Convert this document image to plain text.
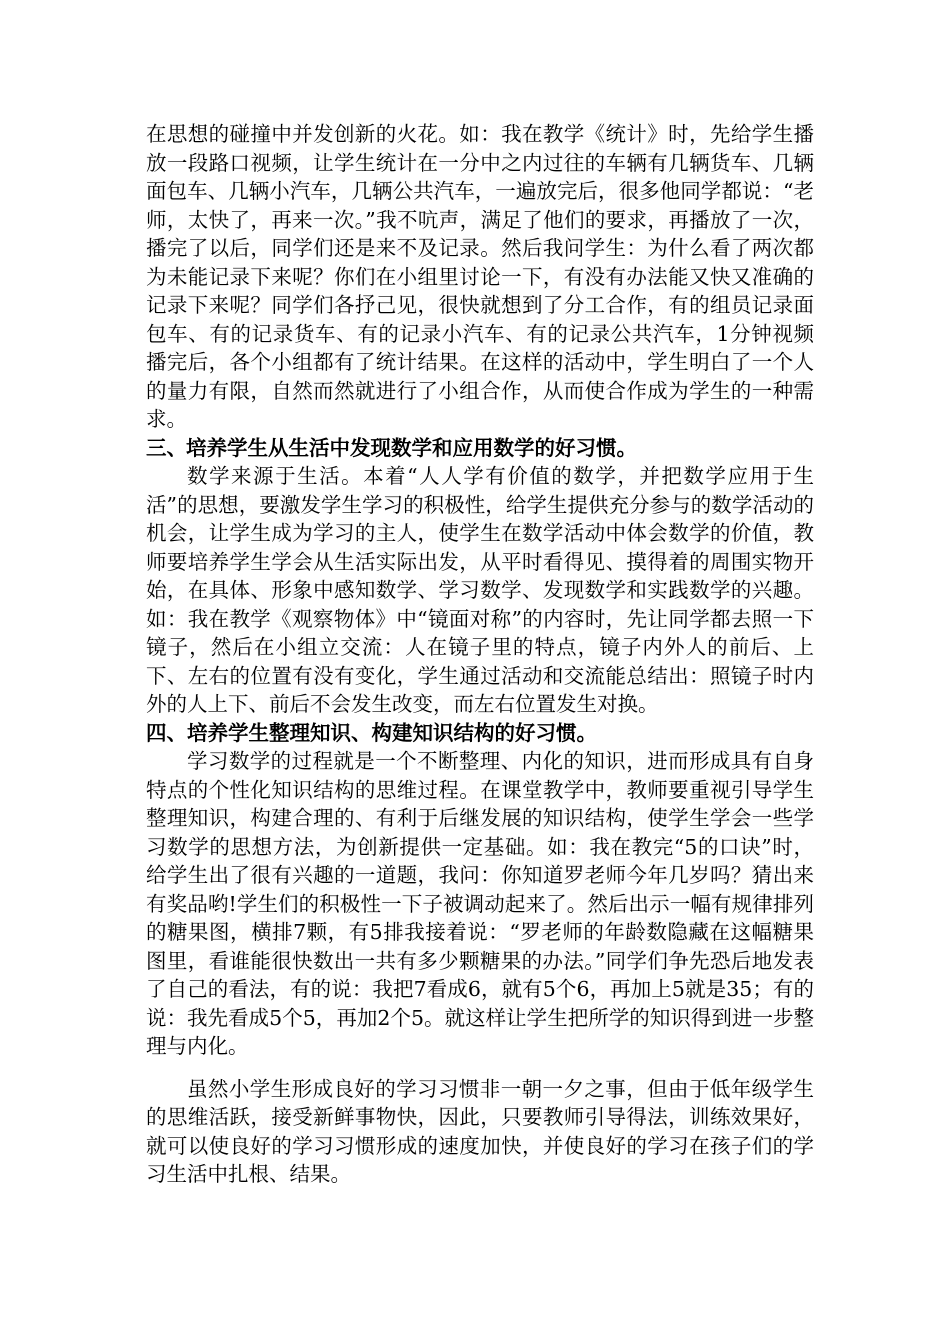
在思想的碰撞中并发创新的火花。如：我在教学《统计》时，先给学生播放一段路口视频，让学生统计在一分中之内过往的车辆有几辆货车、几辆面包车、几辆小汽车，几辆公共汽车，一遍放完后，很多他同学都说：“老师，太快了，再来一次。”我不吭声，满足了他们的要求，再播放了一次，播完了以后，同学们还是来不及记录。然后我问学生：为什么看了两次都为未能记录下来呢？你们在小组里讨论一下，有没有办法能又快又准确的记录下来呢？同学们各抒己见，很快就想到了分工合作，有的组员记录面包车、有的记录货车、有的记录小汽车、有的记录公共汽车，1分钟视频播完后，各个小组都有了统计结果。在这样的活动中，学生明白了一个人的量力有限，自然而然就进行了小组合作，从而使合作成为学生的一种需求。

三、培养学生从生活中发现数学和应用数学的好习惯。

数学来源于生活。本着“人人学有价值的数学，并把数学应用于生活”的思想，要激发学生学习的积极性，给学生提供充分参与的数学活动的机会，让学生成为学习的主人，使学生在数学活动中体会数学的价值，教师要培养学生学会从生活实际出发，从平时看得见、摸得着的周围实物开始，在具体、形象中感知数学、学习数学、发现数学和实践数学的兴趣。如：我在教学《观察物体》中“镜面对称”的内容时，先让同学都去照一下镜子，然后在小组立交流：人在镜子里的特点，镜子内外人的前后、上下、左右的位置有没有变化，学生通过活动和交流能总结出：照镜子时内外的人上下、前后不会发生改变，而左右位置发生对换。

四、培养学生整理知识、构建知识结构的好习惯。

学习数学的过程就是一个不断整理、内化的知识，进而形成具有自身特点的个性化知识结构的思维过程。在课堂教学中，教师要重视引导学生整理知识，构建合理的、有利于后继发展的知识结构，使学生学会一些学习数学的思想方法，为创新提供一定基础。如：我在教完“5的口诀”时，给学生出了很有兴趣的一道题，我问：你知道罗老师今年几岁吗？猜出来有奖品哟!学生们的积极性一下子被调动起来了。然后出示一幅有规律排列的糖果图，横排7颗，有5排我接着说：“罗老师的年龄数隐藏在这幅糖果图里，看谁能很快数出一共有多少颗糖果的办法。”同学们争先恐后地发表了自己的看法，有的说：我把7看成6，就有5个6，再加上5就是35；有的说：我先看成5个5，再加2个5。就这样让学生把所学的知识得到进一步整理与内化。

虽然小学生形成良好的学习习惯非一朝一夕之事，但由于低年级学生的思维活跃，接受新鲜事物快，因此，只要教师引导得法，训练效果好，就可以使良好的学习习惯形成的速度加快，并使良好的学习在孩子们的学习生活中扎根、结果。
